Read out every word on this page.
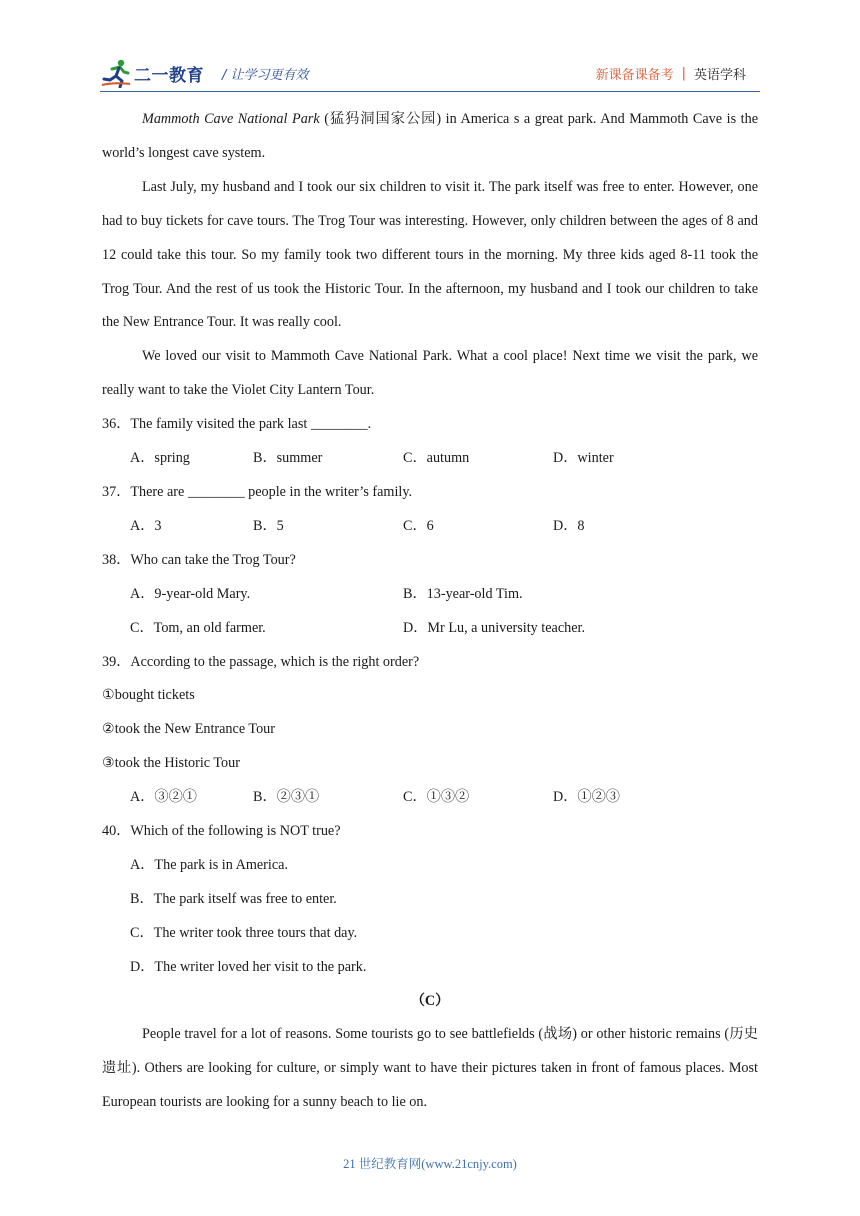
二一教育 / 让学习更有效	新课备课备考 | 英语学科

Mammoth Cave National Park (猛犸洞国家公园) in America s a great park. And Mammoth Cave is the world’s longest cave system.

Last July, my husband and I took our six children to visit it. The park itself was free to enter. However, one had to buy tickets for cave tours. The Trog Tour was interesting. However, only children between the ages of 8 and 12 could take this tour. So my family took two different tours in the morning. My three kids aged 8-11 took the Trog Tour. And the rest of us took the Historic Tour. In the afternoon, my husband and I took our children to take the New Entrance Tour. It was really cool.

We loved our visit to Mammoth Cave National Park. What a cool place! Next time we visit the park, we really want to take the Violet City Lantern Tour.

36．The family visited the park last ________.

A．spring	B．summer	C．autumn	D．winter

37．There are ________ people in the writer’s family.

A．3	B．5	C．6	D．8

38．Who can take the Trog Tour?

A．9-year-old Mary.	B．13-year-old Tim.
C．Tom, an old farmer.	D．Mr Lu, a university teacher.

39．According to the passage, which is the right order?

①bought tickets

②took the New Entrance Tour

③took the Historic Tour

A．③②①	B．②③①	C．①③②	D．①②③

40．Which of the following is NOT true?

A．The park is in America.

B．The park itself was free to enter.

C．The writer took three tours that day.

D．The writer loved her visit to the park.

（C）

People travel for a lot of reasons. Some tourists go to see battlefields (战场) or other historic remains (历史遗址). Others are looking for culture, or simply want to have their pictures taken in front of famous places. Most European tourists are looking for a sunny beach to lie on.

21 世纪教育网(www.21cnjy.com)
